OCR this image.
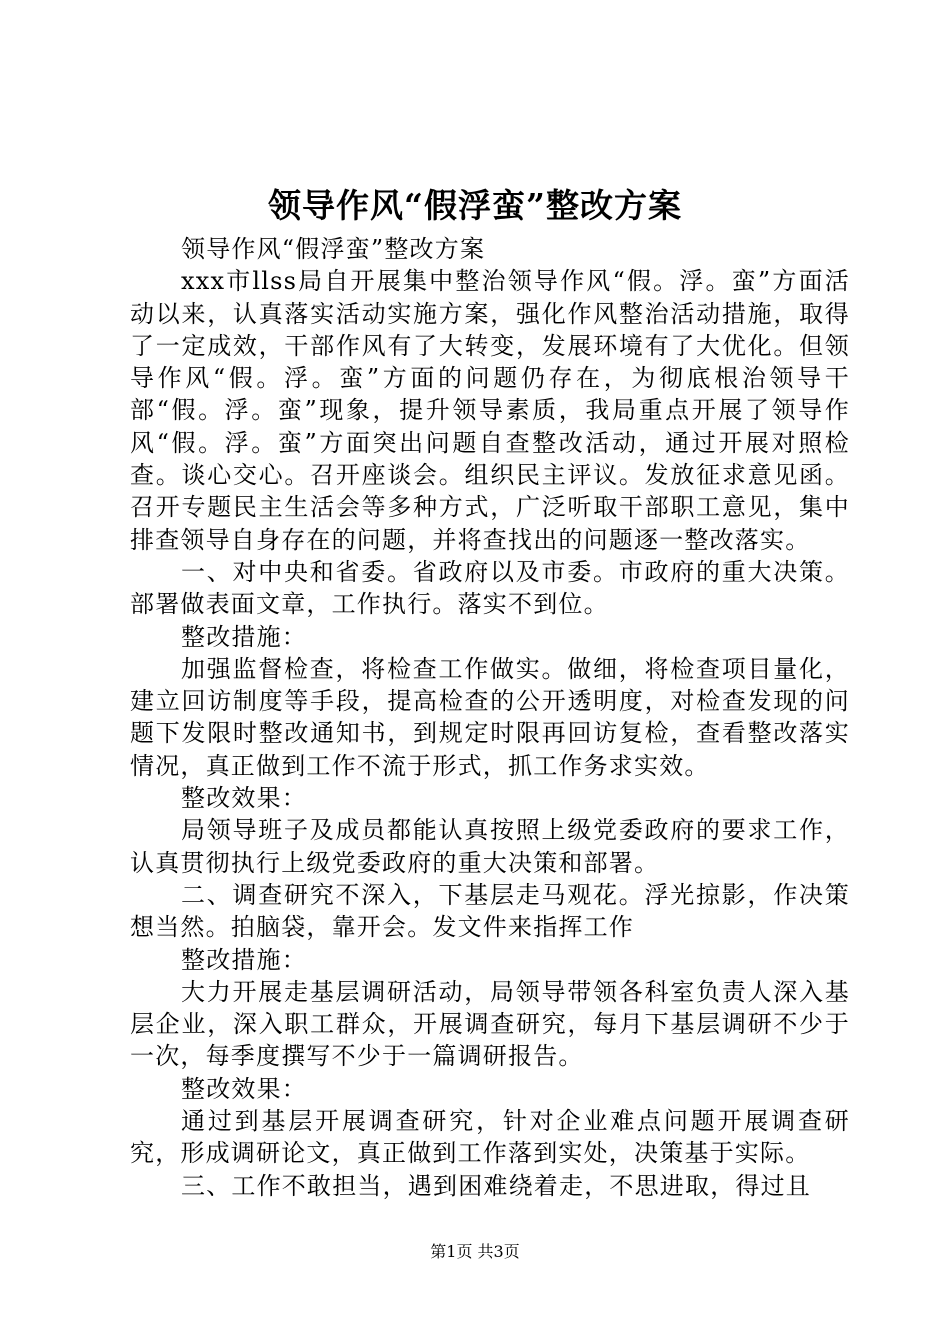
领导作风“假浮蛮”整改方案

领导作风“假浮蛮”整改方案

xxx市llss局自开展集中整治领导作风“假。浮。蛮”方面活动以来，认真落实活动实施方案，强化作风整治活动措施，取得了一定成效，干部作风有了大转变，发展环境有了大优化。但领导作风“假。浮。蛮”方面的问题仍存在，为彻底根治领导干部“假。浮。蛮”现象，提升领导素质，我局重点开展了领导作风“假。浮。蛮”方面突出问题自查整改活动，通过开展对照检查。谈心交心。召开座谈会。组织民主评议。发放征求意见函。召开专题民主生活会等多种方式，广泛听取干部职工意见，集中排查领导自身存在的问题，并将查找出的问题逐一整改落实。

一、对中央和省委。省政府以及市委。市政府的重大决策。部署做表面文章，工作执行。落实不到位。

整改措施：

加强监督检查，将检查工作做实。做细，将检查项目量化，建立回访制度等手段，提高检查的公开透明度，对检查发现的问题下发限时整改通知书，到规定时限再回访复检，查看整改落实情况，真正做到工作不流于形式，抓工作务求实效。

整改效果：

局领导班子及成员都能认真按照上级党委政府的要求工作，认真贯彻执行上级党委政府的重大决策和部署。

二、调查研究不深入，下基层走马观花。浮光掠影，作决策想当然。拍脑袋，靠开会。发文件来指挥工作

整改措施：

大力开展走基层调研活动，局领导带领各科室负责人深入基层企业，深入职工群众，开展调查研究，每月下基层调研不少于一次，每季度撰写不少于一篇调研报告。

整改效果：

通过到基层开展调查研究，针对企业难点问题开展调查研究，形成调研论文，真正做到工作落到实处，决策基于实际。

三、工作不敢担当，遇到困难绕着走，不思进取，得过且

第1页 共3页
